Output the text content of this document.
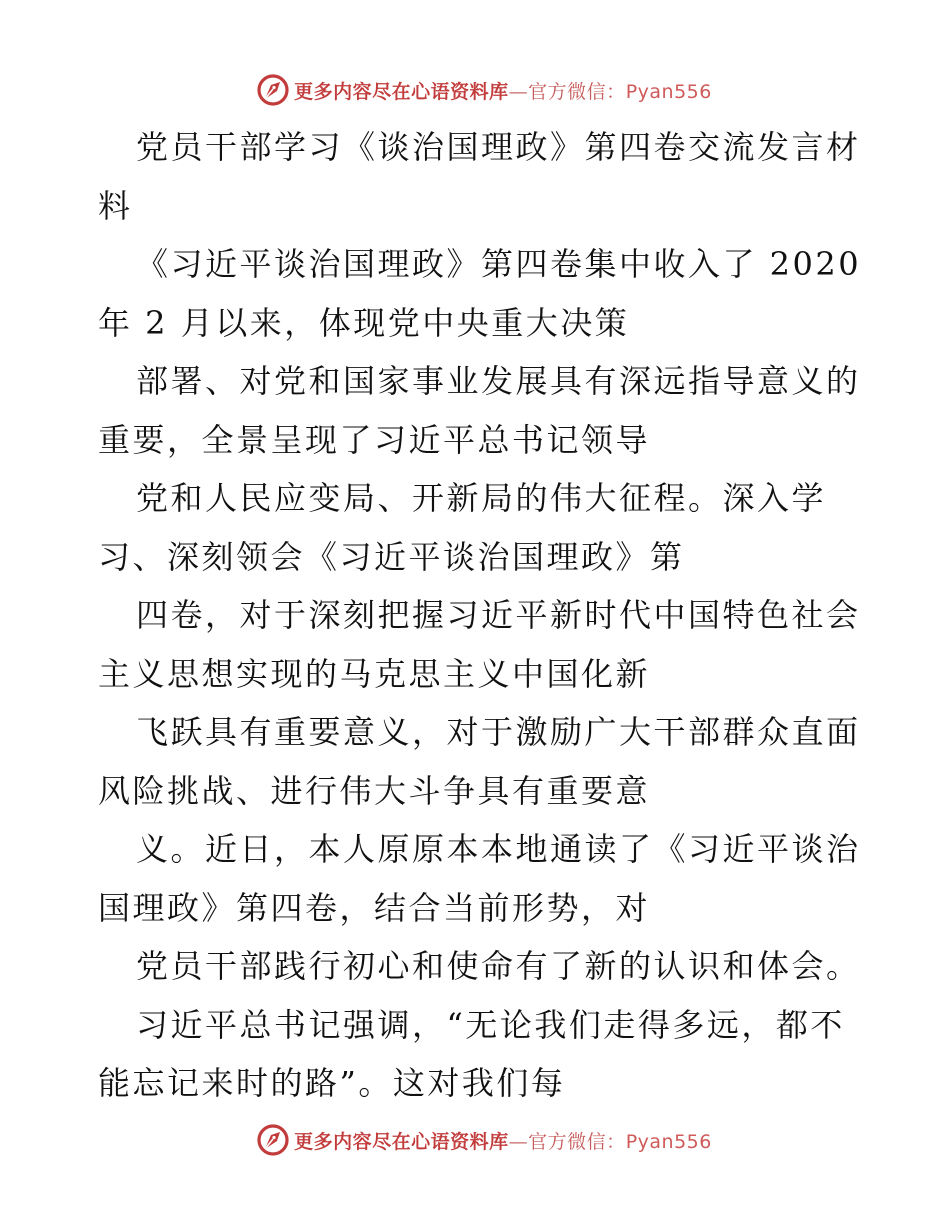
更多内容尽在心语资料库—官方微信：Pyan556
党员干部学习《谈治国理政》第四卷交流发言材
料
《习近平谈治国理政》第四卷集中收入了 2020
年 2 月以来，体现党中央重大决策
部署、对党和国家事业发展具有深远指导意义的
重要，全景呈现了习近平总书记领导
党和人民应变局、开新局的伟大征程。深入学
习、深刻领会《习近平谈治国理政》第
四卷，对于深刻把握习近平新时代中国特色社会
主义思想实现的马克思主义中国化新
飞跃具有重要意义，对于激励广大干部群众直面
风险挑战、进行伟大斗争具有重要意
义。近日，本人原原本本地通读了《习近平谈治
国理政》第四卷，结合当前形势，对
党员干部践行初心和使命有了新的认识和体会。
习近平总书记强调，“无论我们走得多远，都不
能忘记来时的路”。这对我们每
更多内容尽在心语资料库—官方微信：Pyan556
